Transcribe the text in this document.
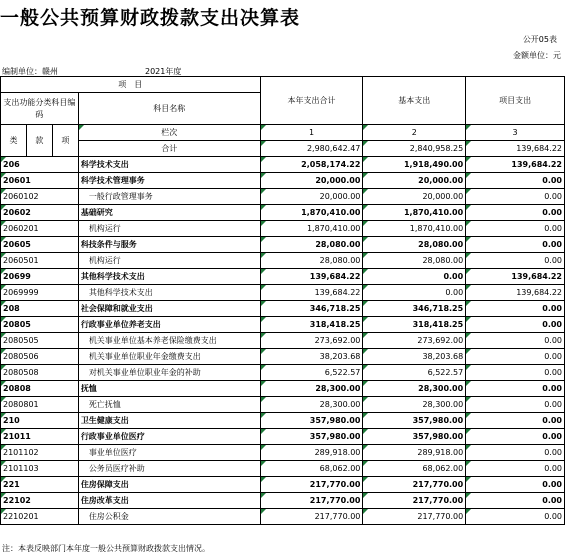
一般公共预算财政拨款支出决算表
公开05表
金额单位：元
编制单位：赣州	2021年度
项　目				本年支出合计	基本支出	项目支出
支出功能分类科目编码			科目名称			

类	款	项	栏次	1	2	3
			合计	2,980,642.47	2,840,958.25	139,684.22
206			科学技术支出	2,058,174.22	1,918,490.00	139,684.22
20601			科学技术管理事务	20,000.00	20,000.00	0.00
2060102			一般行政管理事务	20,000.00	20,000.00	0.00
20602			基础研究	1,870,410.00	1,870,410.00	0.00
2060201			机构运行	1,870,410.00	1,870,410.00	0.00
20605			科技条件与服务	28,080.00	28,080.00	0.00
2060501			机构运行	28,080.00	28,080.00	0.00
20699			其他科学技术支出	139,684.22	0.00	139,684.22
2069999			其他科学技术支出	139,684.22	0.00	139,684.22
208			社会保障和就业支出	346,718.25	346,718.25	0.00
20805			行政事业单位养老支出	318,418.25	318,418.25	0.00
2080505			机关事业单位基本养老保险缴费支出	273,692.00	273,692.00	0.00
2080506			机关事业单位职业年金缴费支出	38,203.68	38,203.68	0.00
2080508			对机关事业单位职业年金的补助	6,522.57	6,522.57	0.00
20808			抚恤	28,300.00	28,300.00	0.00
2080801			死亡抚恤	28,300.00	28,300.00	0.00
210			卫生健康支出	357,980.00	357,980.00	0.00
21011			行政事业单位医疗	357,980.00	357,980.00	0.00
2101102			事业单位医疗	289,918.00	289,918.00	0.00
2101103			公务员医疗补助	68,062.00	68,062.00	0.00
221			住房保障支出	217,770.00	217,770.00	0.00
22102			住房改革支出	217,770.00	217,770.00	0.00
2210201			住房公积金	217,770.00	217,770.00	0.00
注：本表反映部门本年度一般公共预算财政拨款支出情况。
